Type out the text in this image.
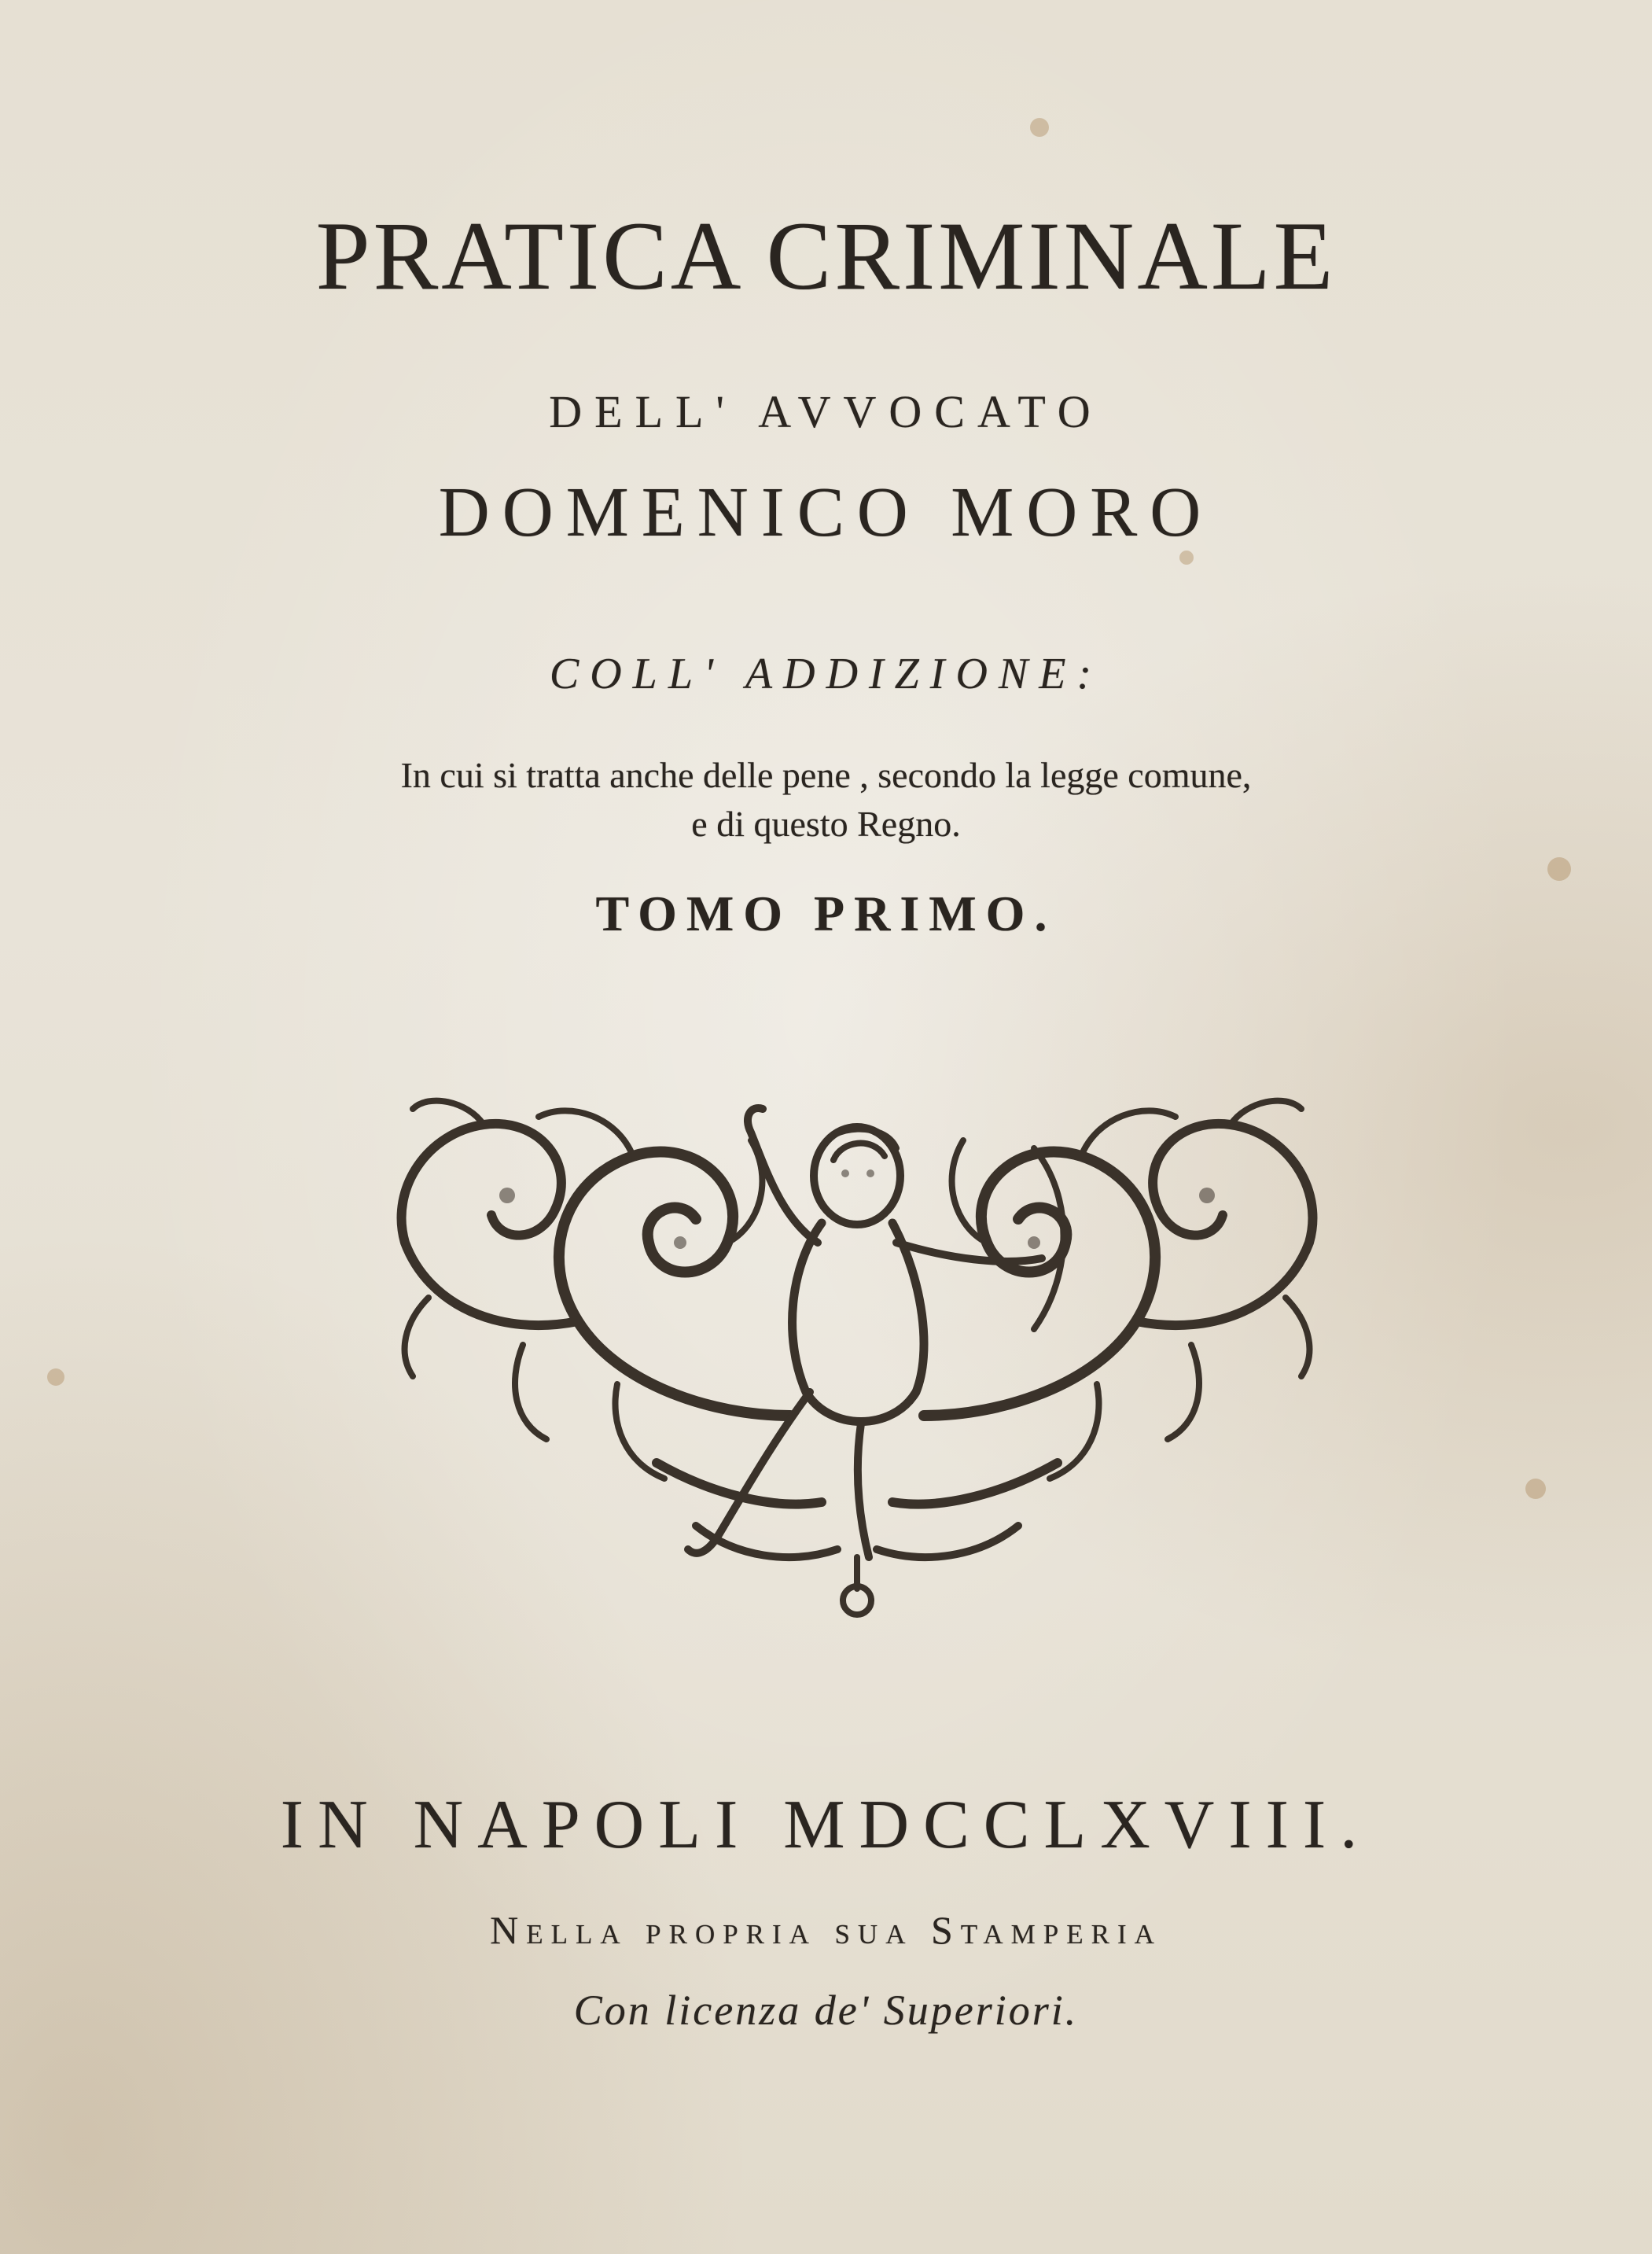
PRATICA CRIMINALE
DELL' AVVOCATO
DOMENICO MORO
COLL' ADDIZIONE:
In cui si tratta anche delle pene , secondo la legge comune, e di questo Regno.
TOMO PRIMO.
IN NAPOLI MDCCLXVIII.
Nella propria sua Stamperia
Con licenza de' Superiori.
